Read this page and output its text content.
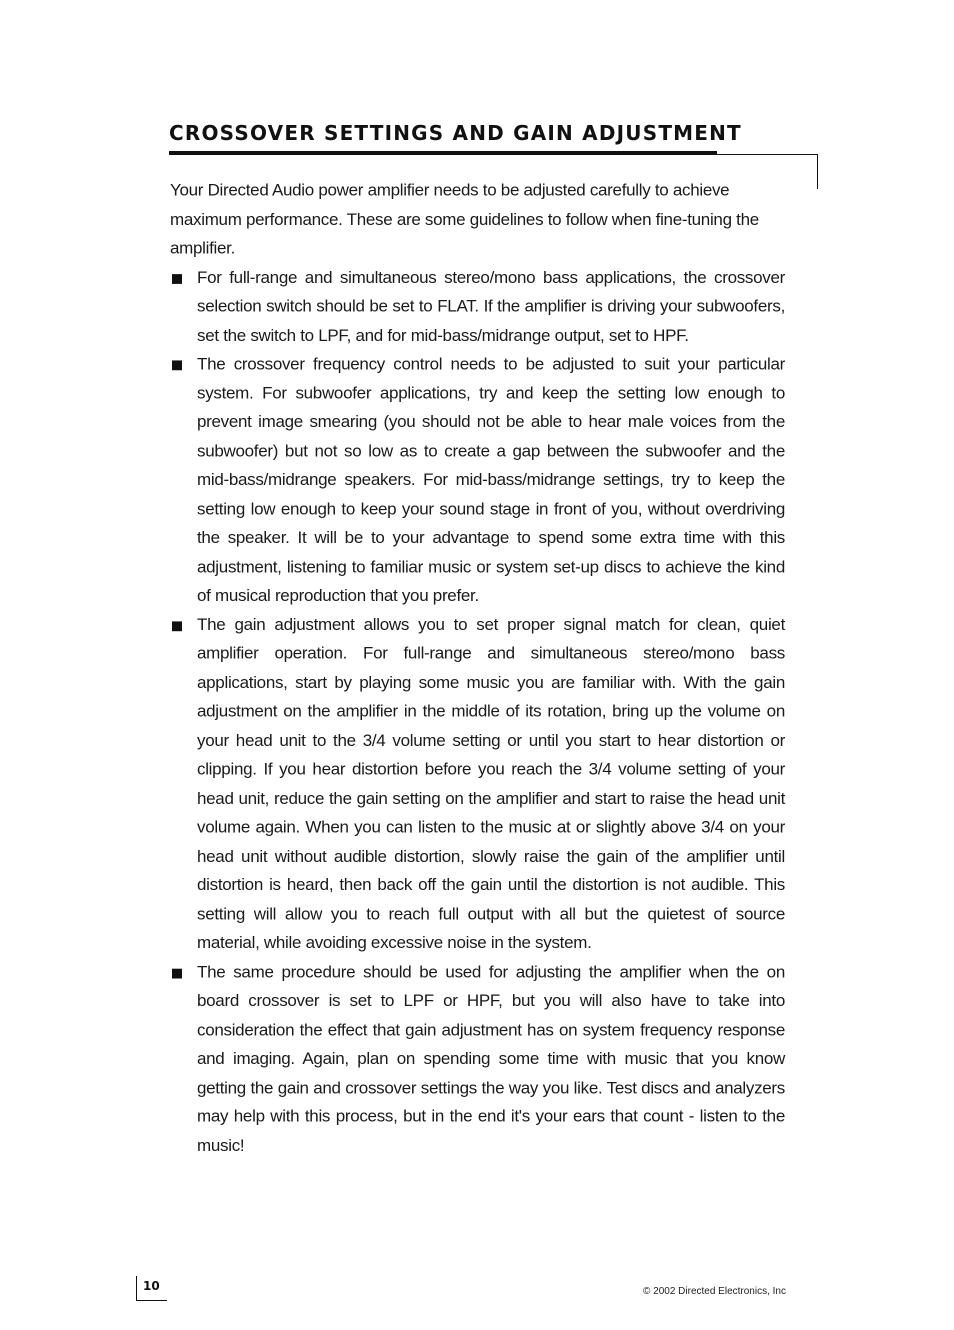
CROSSOVER SETTINGS AND GAIN ADJUSTMENT

Your Directed Audio power amplifier needs to be adjusted carefully to achieve maximum performance. These are some guidelines to follow when fine-tuning the amplifier.

For full-range and simultaneous stereo/mono bass applications, the crossover selection switch should be set to FLAT. If the amplifier is driving your subwoofers, set the switch to LPF, and for mid-bass/midrange output, set to HPF.
The crossover frequency control needs to be adjusted to suit your particular system. For subwoofer applications, try and keep the setting low enough to prevent image smearing (you should not be able to hear male voices from the subwoofer) but not so low as to create a gap between the subwoofer and the mid-bass/midrange speakers. For mid-bass/midrange settings, try to keep the setting low enough to keep your sound stage in front of you, without overdriving the speaker. It will be to your advantage to spend some extra time with this adjustment, listening to familiar music or system set-up discs to achieve the kind of musical reproduction that you prefer.
The gain adjustment allows you to set proper signal match for clean, quiet amplifier operation. For full-range and simultaneous stereo/mono bass applications, start by playing some music you are familiar with. With the gain adjustment on the amplifier in the middle of its rotation, bring up the volume on your head unit to the 3/4 volume setting or until you start to hear distortion or clipping. If you hear distortion before you reach the 3/4 volume setting of your head unit, reduce the gain setting on the amplifier and start to raise the head unit volume again. When you can listen to the music at or slightly above 3/4 on your head unit without audible distortion, slowly raise the gain of the amplifier until distortion is heard, then back off the gain until the distortion is not audible. This setting will allow you to reach full output with all but the quietest of source material, while avoiding excessive noise in the system.
The same procedure should be used for adjusting the amplifier when the on board crossover is set to LPF or HPF, but you will also have to take into consideration the effect that gain adjustment has on system frequency response and imaging. Again, plan on spending some time with music that you know getting the gain and crossover settings the way you like. Test discs and analyzers may help with this process, but in the end it's your ears that count - listen to the music!
10	© 2002 Directed Electronics, Inc
